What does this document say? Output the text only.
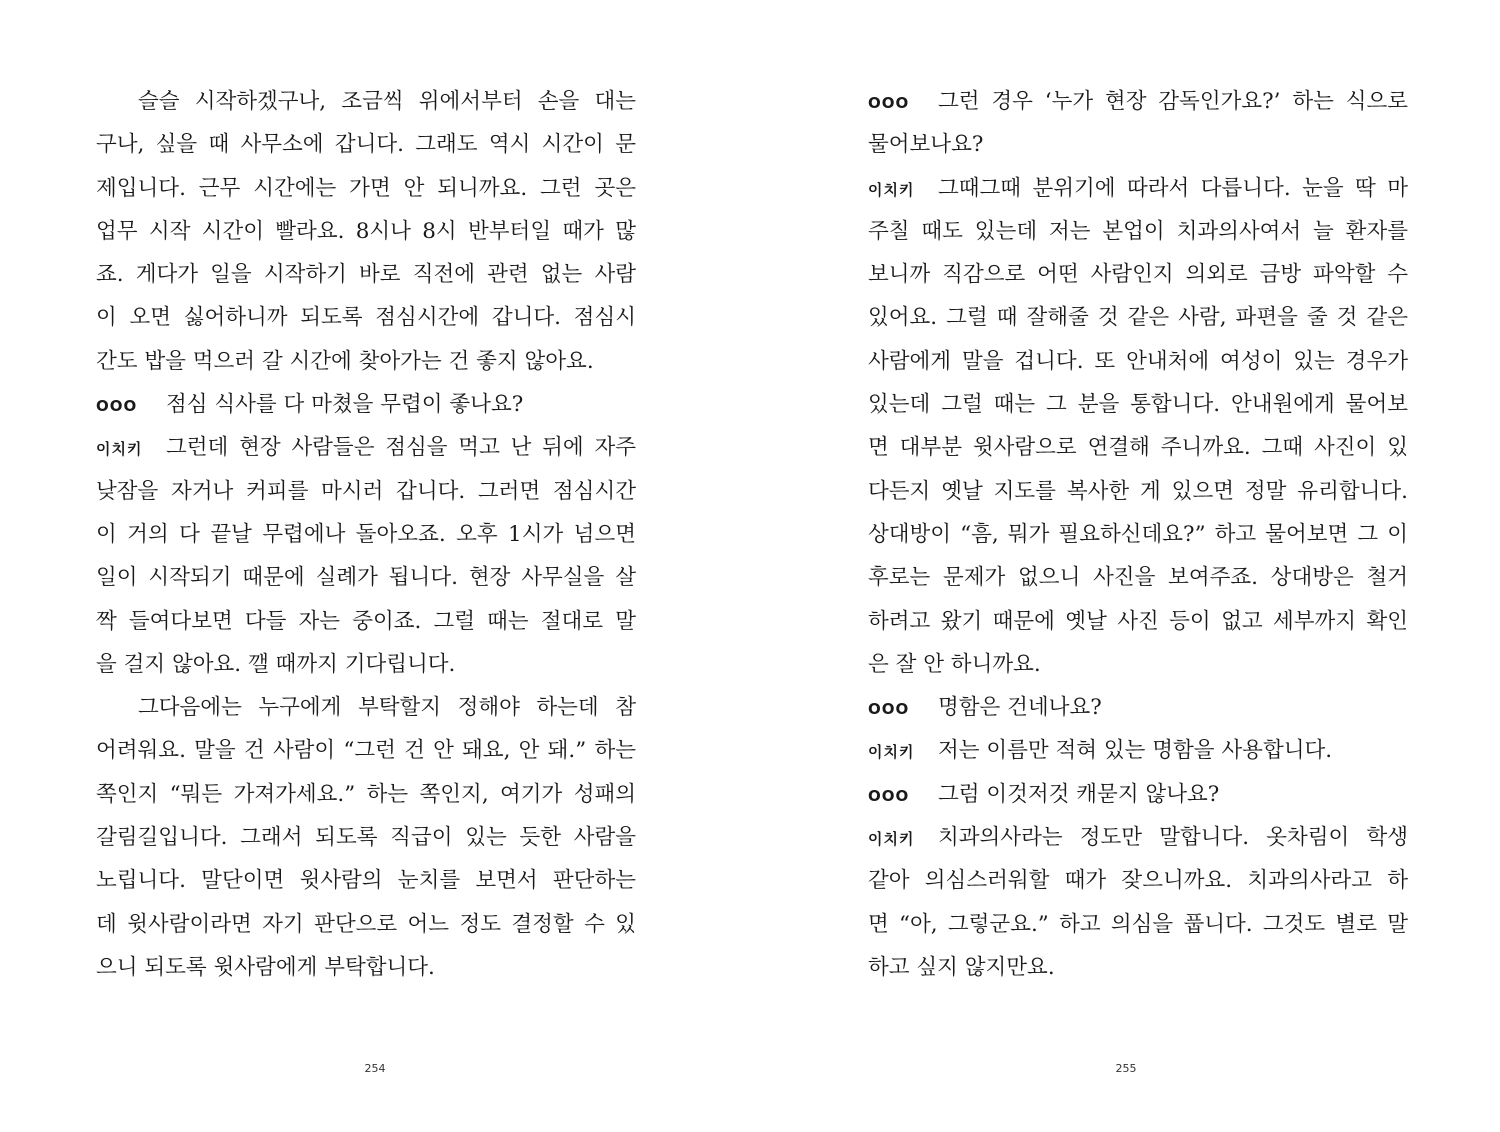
슬슬 시작하겠구나, 조금씩 위에서부터 손을 대는
구나, 싶을 때 사무소에 갑니다. 그래도 역시 시간이 문
제입니다. 근무 시간에는 가면 안 되니까요. 그런 곳은
업무 시작 시간이 빨라요. 8시나 8시 반부터일 때가 많
죠. 게다가 일을 시작하기 바로 직전에 관련 없는 사람
이 오면 싫어하니까 되도록 점심시간에 갑니다. 점심시
간도 밥을 먹으러 갈 시간에 찾아가는 건 좋지 않아요.
OOO 점심 식사를 다 마쳤을 무렵이 좋나요?
이치키 그런데 현장 사람들은 점심을 먹고 난 뒤에 자주
낮잠을 자거나 커피를 마시러 갑니다. 그러면 점심시간
이 거의 다 끝날 무렵에나 돌아오죠. 오후 1시가 넘으면
일이 시작되기 때문에 실례가 됩니다. 현장 사무실을 살
짝 들여다보면 다들 자는 중이죠. 그럴 때는 절대로 말
을 걸지 않아요. 깰 때까지 기다립니다.
그다음에는 누구에게 부탁할지 정해야 하는데 참
어려워요. 말을 건 사람이 “그런 건 안 돼요, 안 돼.” 하는
쪽인지 “뭐든 가져가세요.” 하는 쪽인지, 여기가 성패의
갈림길입니다. 그래서 되도록 직급이 있는 듯한 사람을
노립니다. 말단이면 윗사람의 눈치를 보면서 판단하는
데 윗사람이라면 자기 판단으로 어느 정도 결정할 수 있
으니 되도록 윗사람에게 부탁합니다.
254
OOO 그런 경우 ‘누가 현장 감독인가요?’ 하는 식으로
물어보나요?
이치키 그때그때 분위기에 따라서 다릅니다. 눈을 딱 마
주칠 때도 있는데 저는 본업이 치과의사여서 늘 환자를
보니까 직감으로 어떤 사람인지 의외로 금방 파악할 수
있어요. 그럴 때 잘해줄 것 같은 사람, 파편을 줄 것 같은
사람에게 말을 겁니다. 또 안내처에 여성이 있는 경우가
있는데 그럴 때는 그 분을 통합니다. 안내원에게 물어보
면 대부분 윗사람으로 연결해 주니까요. 그때 사진이 있
다든지 옛날 지도를 복사한 게 있으면 정말 유리합니다.
상대방이 “흠, 뭐가 필요하신데요?” 하고 물어보면 그 이
후로는 문제가 없으니 사진을 보여주죠. 상대방은 철거
하려고 왔기 때문에 옛날 사진 등이 없고 세부까지 확인
은 잘 안 하니까요.
OOO 명함은 건네나요?
이치키 저는 이름만 적혀 있는 명함을 사용합니다.
OOO 그럼 이것저것 캐묻지 않나요?
이치키 치과의사라는 정도만 말합니다. 옷차림이 학생
같아 의심스러워할 때가 잦으니까요. 치과의사라고 하
면 “아, 그렇군요.” 하고 의심을 풉니다. 그것도 별로 말
하고 싶지 않지만요.
255
